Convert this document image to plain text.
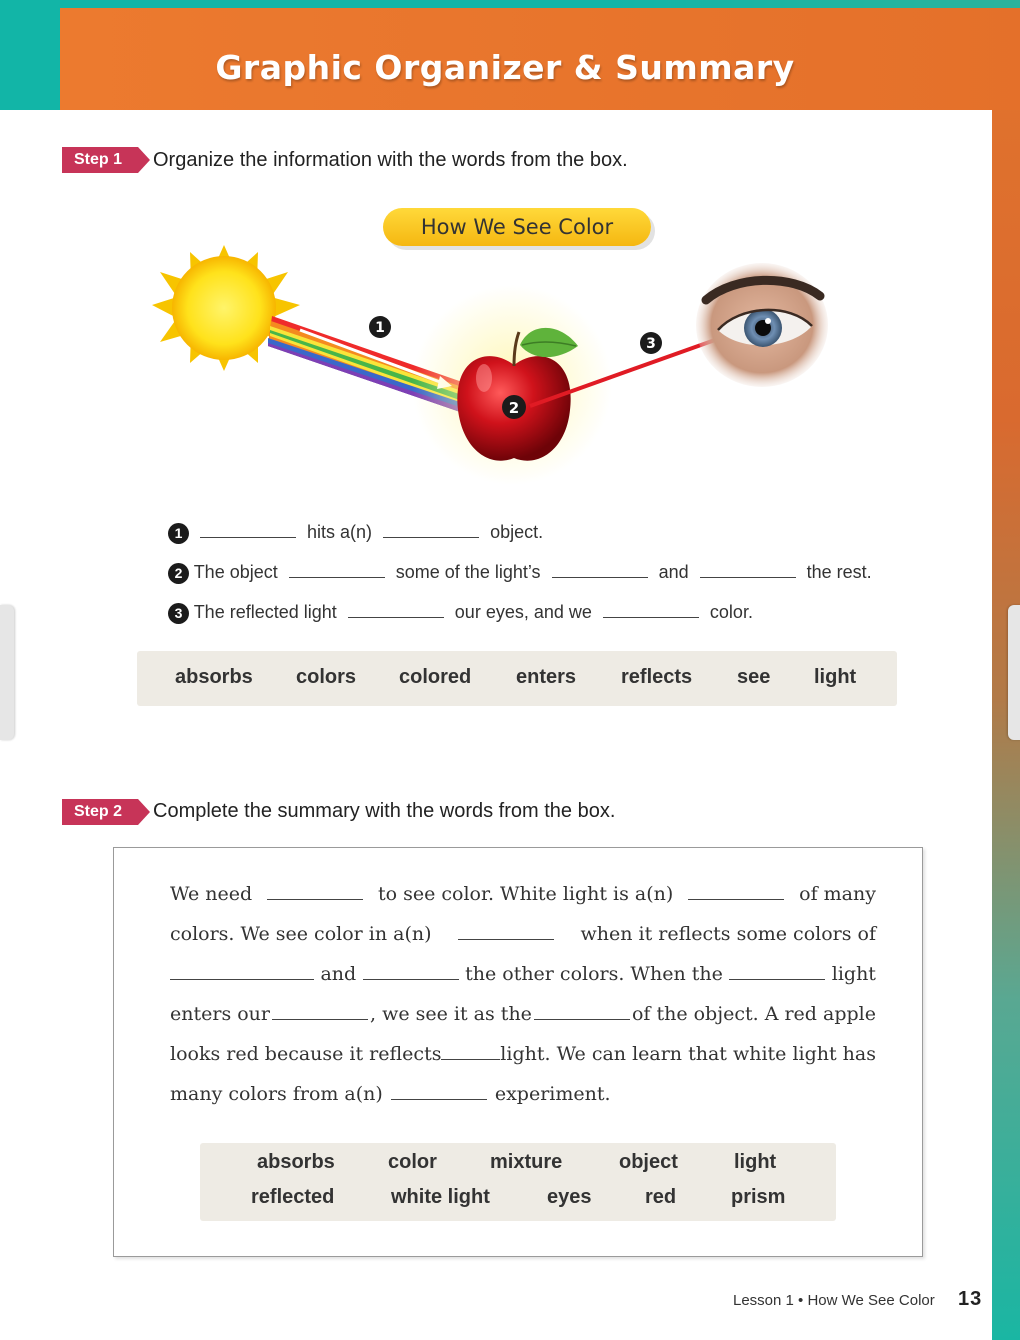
Graphic Organizer & Summary
Step 1	Organize the information with the words from the box.
How We See Color
1
2
3
1	hits a(n)	object.
2 The object	some of the light’s	and	the rest.
3 The reflected light	our eyes, and we	color.
absorbs colors colored enters reflects see light
Step 2	Complete the summary with the words from the box.
We need	to see color. White light is a(n)	of many
colors. We see color in a(n)	when it reflects some colors of
and	the other colors. When the	light
enters our	, we see it as the	of the object. A red apple
looks red because it reflects	light. We can learn that white light has
many colors from a(n)	experiment.
absorbs	color	mixture	object	light
reflected	white light	eyes	red	prism
Lesson 1 • How We See Color 13
